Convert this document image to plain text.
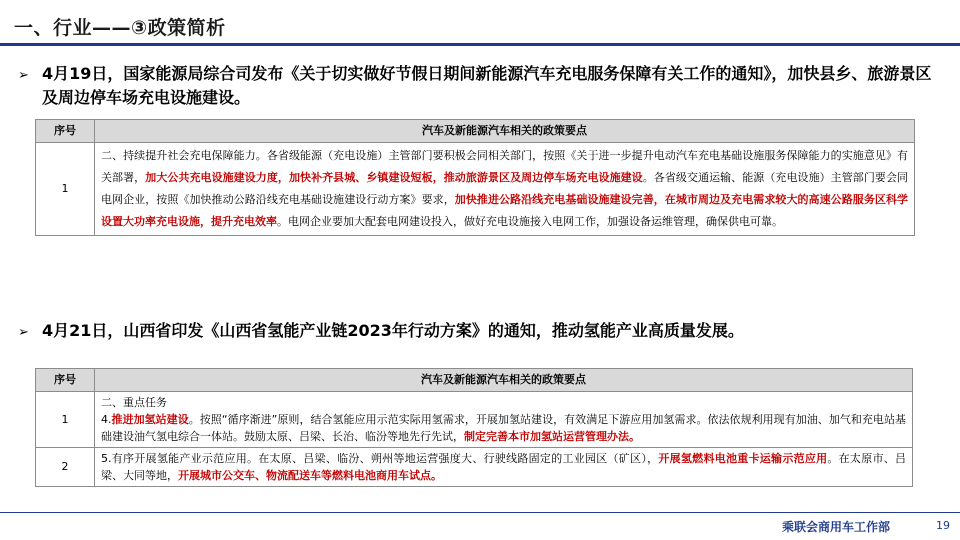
一、行业——③政策简析
➢ 4月19日，国家能源局综合司发布《关于切实做好节假日期间新能源汽车充电服务保障有关工作的通知》，加快县乡、旅游景区及周边停车场充电设施建设。
序号	汽车及新能源汽车相关的政策要点
1	二、持续提升社会充电保障能力。各省级能源（充电设施）主管部门要积极会同相关部门，按照《关于进一步提升电动汽车充电基础设施服务保障能力的实施意见》有关部署，加大公共充电设施建设力度，加快补齐县城、乡镇建设短板，推动旅游景区及周边停车场充电设施建设。各省级交通运输、能源（充电设施）主管部门要会同电网企业，按照《加快推动公路沿线充电基础设施建设行动方案》要求，加快推进公路沿线充电基础设施建设完善，在城市周边及充电需求较大的高速公路服务区科学设置大功率充电设施，提升充电效率。电网企业要加大配套电网建设投入，做好充电设施接入电网工作，加强设备运维管理，确保供电可靠。
➢ 4月21日，山西省印发《山西省氢能产业链2023年行动方案》的通知，推动氢能产业高质量发展。
序号	汽车及新能源汽车相关的政策要点
1	二、重点任务
4.推进加氢站建设。按照“循序渐进”原则，结合氢能应用示范实际用氢需求，开展加氢站建设，有效满足下游应用加氢需求。依法依规利用现有加油、加气和充电站基础建设油气氢电综合一体站。鼓励太原、吕梁、长治、临汾等地先行先试，制定完善本市加氢站运营管理办法。
2	5.有序开展氢能产业示范应用。在太原、吕梁、临汾、朔州等地运营强度大、行驶线路固定的工业园区（矿区），开展氢燃料电池重卡运输示范应用。在太原市、吕梁、大同等地，开展城市公交车、物流配送车等燃料电池商用车试点。
乘联会商用车工作部	19
